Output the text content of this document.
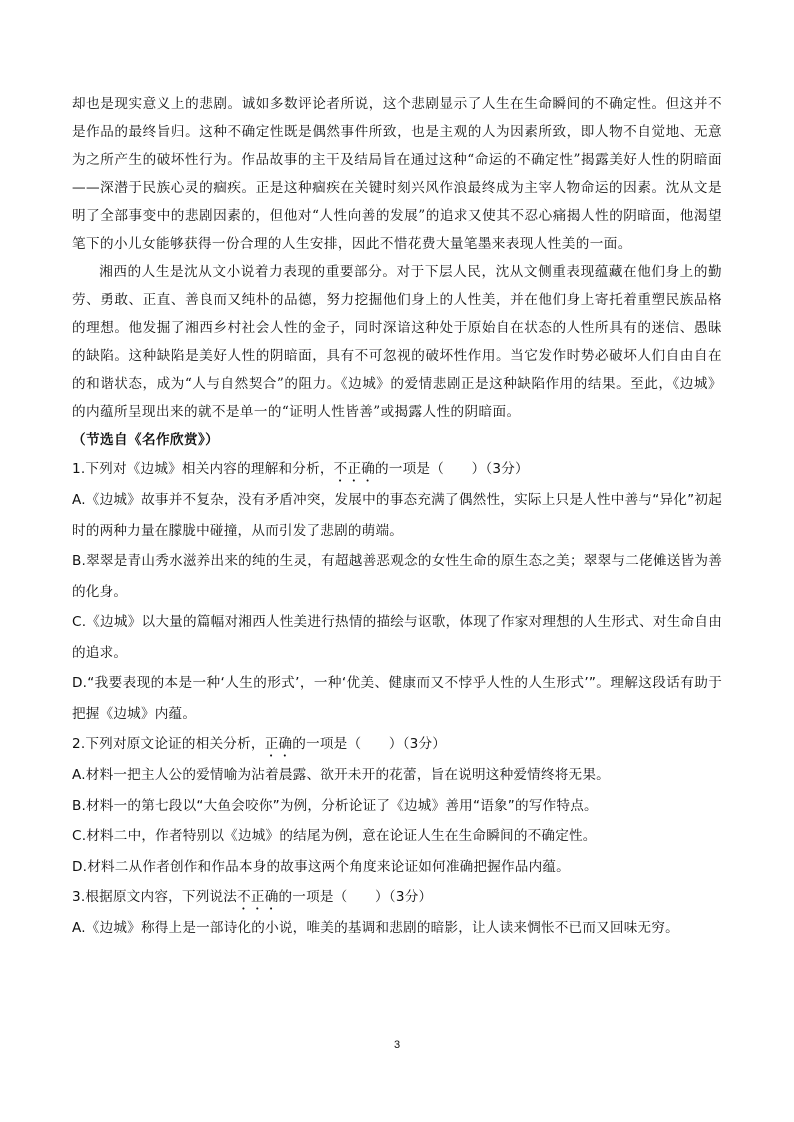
却也是现实意义上的悲剧。诚如多数评论者所说，这个悲剧显示了人生在生命瞬间的不确定性。但这并不是作品的最终旨归。这种不确定性既是偶然事件所致，也是主观的人为因素所致，即人物不自觉地、无意为之所产生的破坏性行为。作品故事的主干及结局旨在通过这种“命运的不确定性”揭露美好人性的阴暗面——深潜于民族心灵的痼疾。正是这种痼疾在关键时刻兴风作浪最终成为主宰人物命运的因素。沈从文是明了全部事变中的悲剧因素的，但他对“人性向善的发展”的追求又使其不忍心痛揭人性的阴暗面，他渴望笔下的小儿女能够获得一份合理的人生安排，因此不惜花费大量笔墨来表现人性美的一面。

湘西的人生是沈从文小说着力表现的重要部分。对于下层人民，沈从文侧重表现蕴藏在他们身上的勤劳、勇敢、正直、善良而又纯朴的品德，努力挖掘他们身上的人性美，并在他们身上寄托着重塑民族品格的理想。他发掘了湘西乡村社会人性的金子，同时深谙这种处于原始自在状态的人性所具有的迷信、愚昧的缺陷。这种缺陷是美好人性的阴暗面，具有不可忽视的破坏性作用。当它发作时势必破坏人们自由自在的和谐状态，成为“人与自然契合”的阻力。《边城》的爱情悲剧正是这种缺陷作用的结果。至此，《边城》的内蕴所呈现出来的就不是单一的“证明人性皆善”或揭露人性的阴暗面。

（节选自《名作欣赏》）

1.下列对《边城》相关内容的理解和分析，不正确的一项是（　　）（3分）

A.《边城》故事并不复杂，没有矛盾冲突，发展中的事态充满了偶然性，实际上只是人性中善与“异化”初起时的两种力量在朦胧中碰撞，从而引发了悲剧的萌端。

B.翠翠是青山秀水滋养出来的纯的生灵，有超越善恶观念的女性生命的原生态之美；翠翠与二佬傩送皆为善的化身。

C.《边城》以大量的篇幅对湘西人性美进行热情的描绘与讴歌，体现了作家对理想的人生形式、对生命自由的追求。

D.“我要表现的本是一种‘人生的形式’，一种‘优美、健康而又不悖乎人性的人生形式’”。理解这段话有助于把握《边城》内蕴。

2.下列对原文论证的相关分析，正确的一项是（　　）（3分）

A.材料一把主人公的爱情喻为沾着晨露、欲开未开的花蕾，旨在说明这种爱情终将无果。

B.材料一的第七段以“大鱼会咬你”为例，分析论证了《边城》善用“语象”的写作特点。

C.材料二中，作者特别以《边城》的结尾为例，意在论证人生在生命瞬间的不确定性。

D.材料二从作者创作和作品本身的故事这两个角度来论证如何准确把握作品内蕴。

3.根据原文内容，下列说法不正确的一项是（　　）（3分）

A.《边城》称得上是一部诗化的小说，唯美的基调和悲剧的暗影，让人读来惆怅不已而又回味无穷。

3
